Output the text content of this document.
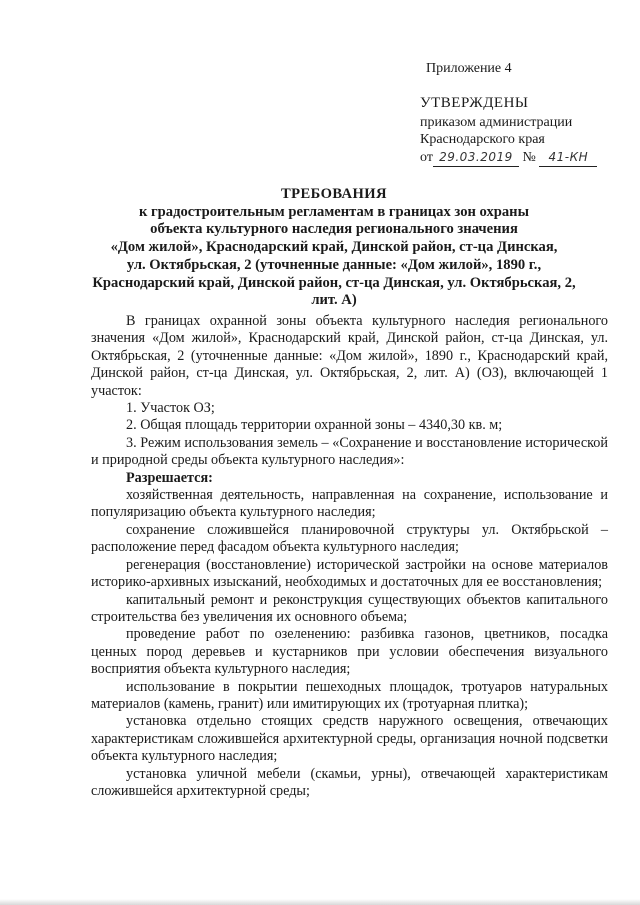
Приложение 4
УТВЕРЖДЕНЫ
приказом администрации
Краснодарского края
от 29.03.2019 № 41-КН
ТРЕБОВАНИЯ
к градостроительным регламентам в границах зон охраны
объекта культурного наследия регионального значения
«Дом жилой», Краснодарский край, Динской район, ст-ца Динская,
ул. Октябрьская, 2 (уточненные данные: «Дом жилой», 1890 г.,
Краснодарский край, Динской район, ст-ца Динская, ул. Октябрьская, 2,
лит. А)

В границах охранной зоны объекта культурного наследия регионального значения «Дом жилой», Краснодарский край, Динской район, ст-ца Динская, ул. Октябрьская, 2 (уточненные данные: «Дом жилой», 1890 г., Краснодарский край, Динской район, ст-ца Динская, ул. Октябрьская, 2, лит. А) (ОЗ), включающей 1 участок:

1. Участок ОЗ;

2. Общая площадь территории охранной зоны – 4340,30 кв. м;

3. Режим использования земель – «Сохранение и восстановление исторической и природной среды объекта культурного наследия»:

Разрешается:

хозяйственная деятельность, направленная на сохранение, использование и популяризацию объекта культурного наследия;

сохранение сложившейся планировочной структуры ул. Октябрьской – расположение перед фасадом объекта культурного наследия;

регенерация (восстановление) исторической застройки на основе материалов историко-архивных изысканий, необходимых и достаточных для ее восстановления;

капитальный ремонт и реконструкция существующих объектов капитального строительства без увеличения их основного объема;

проведение работ по озеленению: разбивка газонов, цветников, посадка ценных пород деревьев и кустарников при условии обеспечения визуального восприятия объекта культурного наследия;

использование в покрытии пешеходных площадок, тротуаров натуральных материалов (камень, гранит) или имитирующих их (тротуарная плитка);

установка отдельно стоящих средств наружного освещения, отвечающих характеристикам сложившейся архитектурной среды, организация ночной подсветки объекта культурного наследия;

установка уличной мебели (скамьи, урны), отвечающей характеристикам сложившейся архитектурной среды;
